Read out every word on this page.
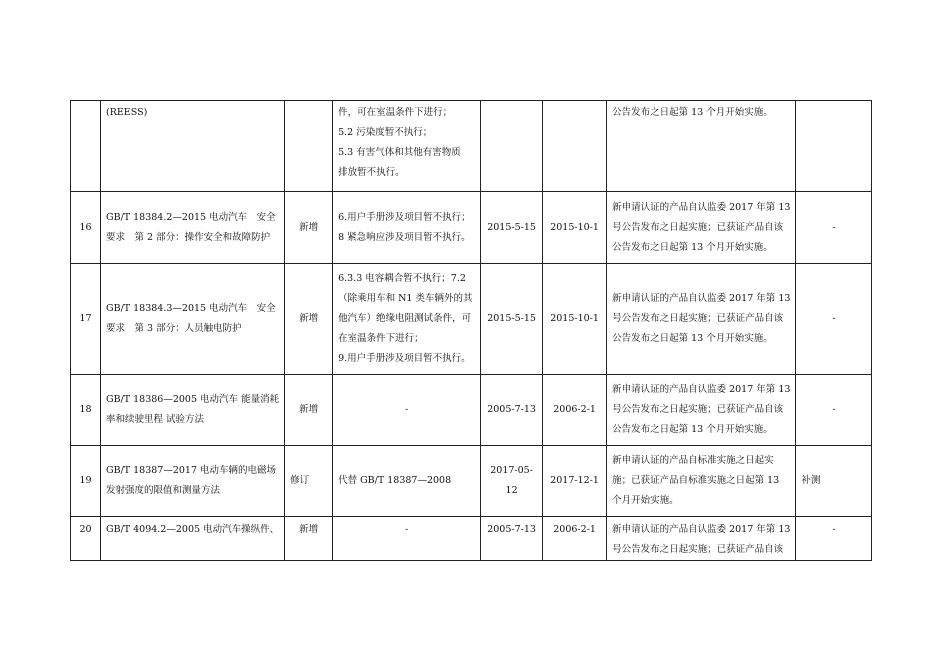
	(REESS)		件，可在室温条件下进行；
5.2 污染度暂不执行；
5.3 有害气体和其他有害物质
排放暂不执行。			公告发布之日起第 13 个月开始实施。	

16	GB/T 18384.2—2015 电动汽车　安全
要求　第 2 部分：操作安全和故障防护	新增	6.用户手册涉及项目暂不执行；
8 紧急响应涉及项目暂不执行。	2015-5-15	2015-10-1	新申请认证的产品自认监委 2017 年第 13
号公告发布之日起实施；已获证产品自该
公告发布之日起第 13 个月开始实施。	-
17	GB/T 18384.3—2015 电动汽车　安全
要求　第 3 部分：人员触电防护	新增	6.3.3 电容耦合暂不执行；7.2
（除乘用车和 N1 类车辆外的其
他汽车）绝缘电阻测试条件，可
在室温条件下进行；
9.用户手册涉及项目暂不执行。	2015-5-15	2015-10-1	新申请认证的产品自认监委 2017 年第 13
号公告发布之日起实施；已获证产品自该
公告发布之日起第 13 个月开始实施。	-
18	GB/T 18386—2005 电动汽车 能量消耗
率和续驶里程 试验方法	新增	-	2005-7-13	2006-2-1	新申请认证的产品自认监委 2017 年第 13
号公告发布之日起实施；已获证产品自该
公告发布之日起第 13 个月开始实施。	-
19	GB/T 18387—2017 电动车辆的电磁场
发射强度的限值和测量方法	修订	代替 GB/T 18387—2008	2017-05-12	2017-12-1	新申请认证的产品自标准实施之日起实
施；已获证产品自标准实施之日起第 13
个月开始实施。	补测
20	GB/T 4094.2—2005 电动汽车操纵件、	新增	-	2005-7-13	2006-2-1	新申请认证的产品自认监委 2017 年第 13
号公告发布之日起实施；已获证产品自该	-
